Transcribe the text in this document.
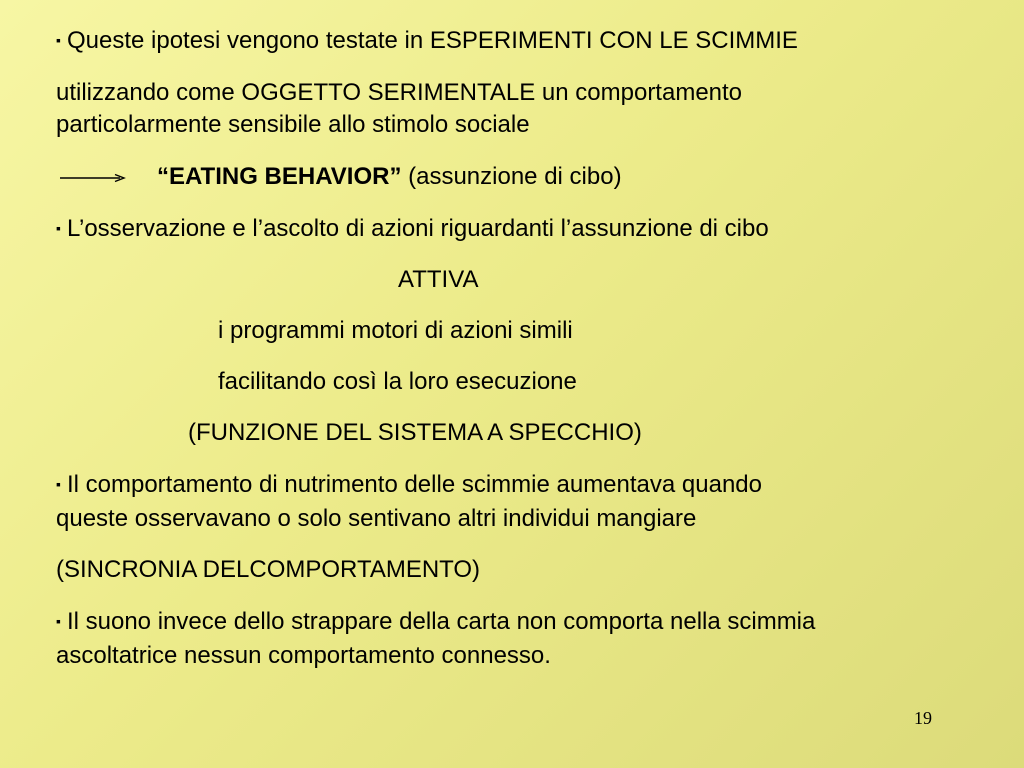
▪ Queste ipotesi vengono testate in ESPERIMENTI CON LE SCIMMIE
utilizzando come OGGETTO SERIMENTALE un comportamento
particolarmente sensibile allo stimolo sociale
“EATING BEHAVIOR” (assunzione di cibo)
▪ L’osservazione e l’ascolto di azioni riguardanti l’assunzione di cibo
ATTIVA
i programmi motori di azioni simili
facilitando così la loro esecuzione
(FUNZIONE DEL SISTEMA A SPECCHIO)
▪ Il comportamento di nutrimento delle scimmie aumentava quando
queste osservavano o solo sentivano altri individui mangiare
(SINCRONIA DELCOMPORTAMENTO)
▪ Il suono invece dello strappare della carta non comporta nella scimmia
ascoltatrice nessun comportamento connesso.
19
